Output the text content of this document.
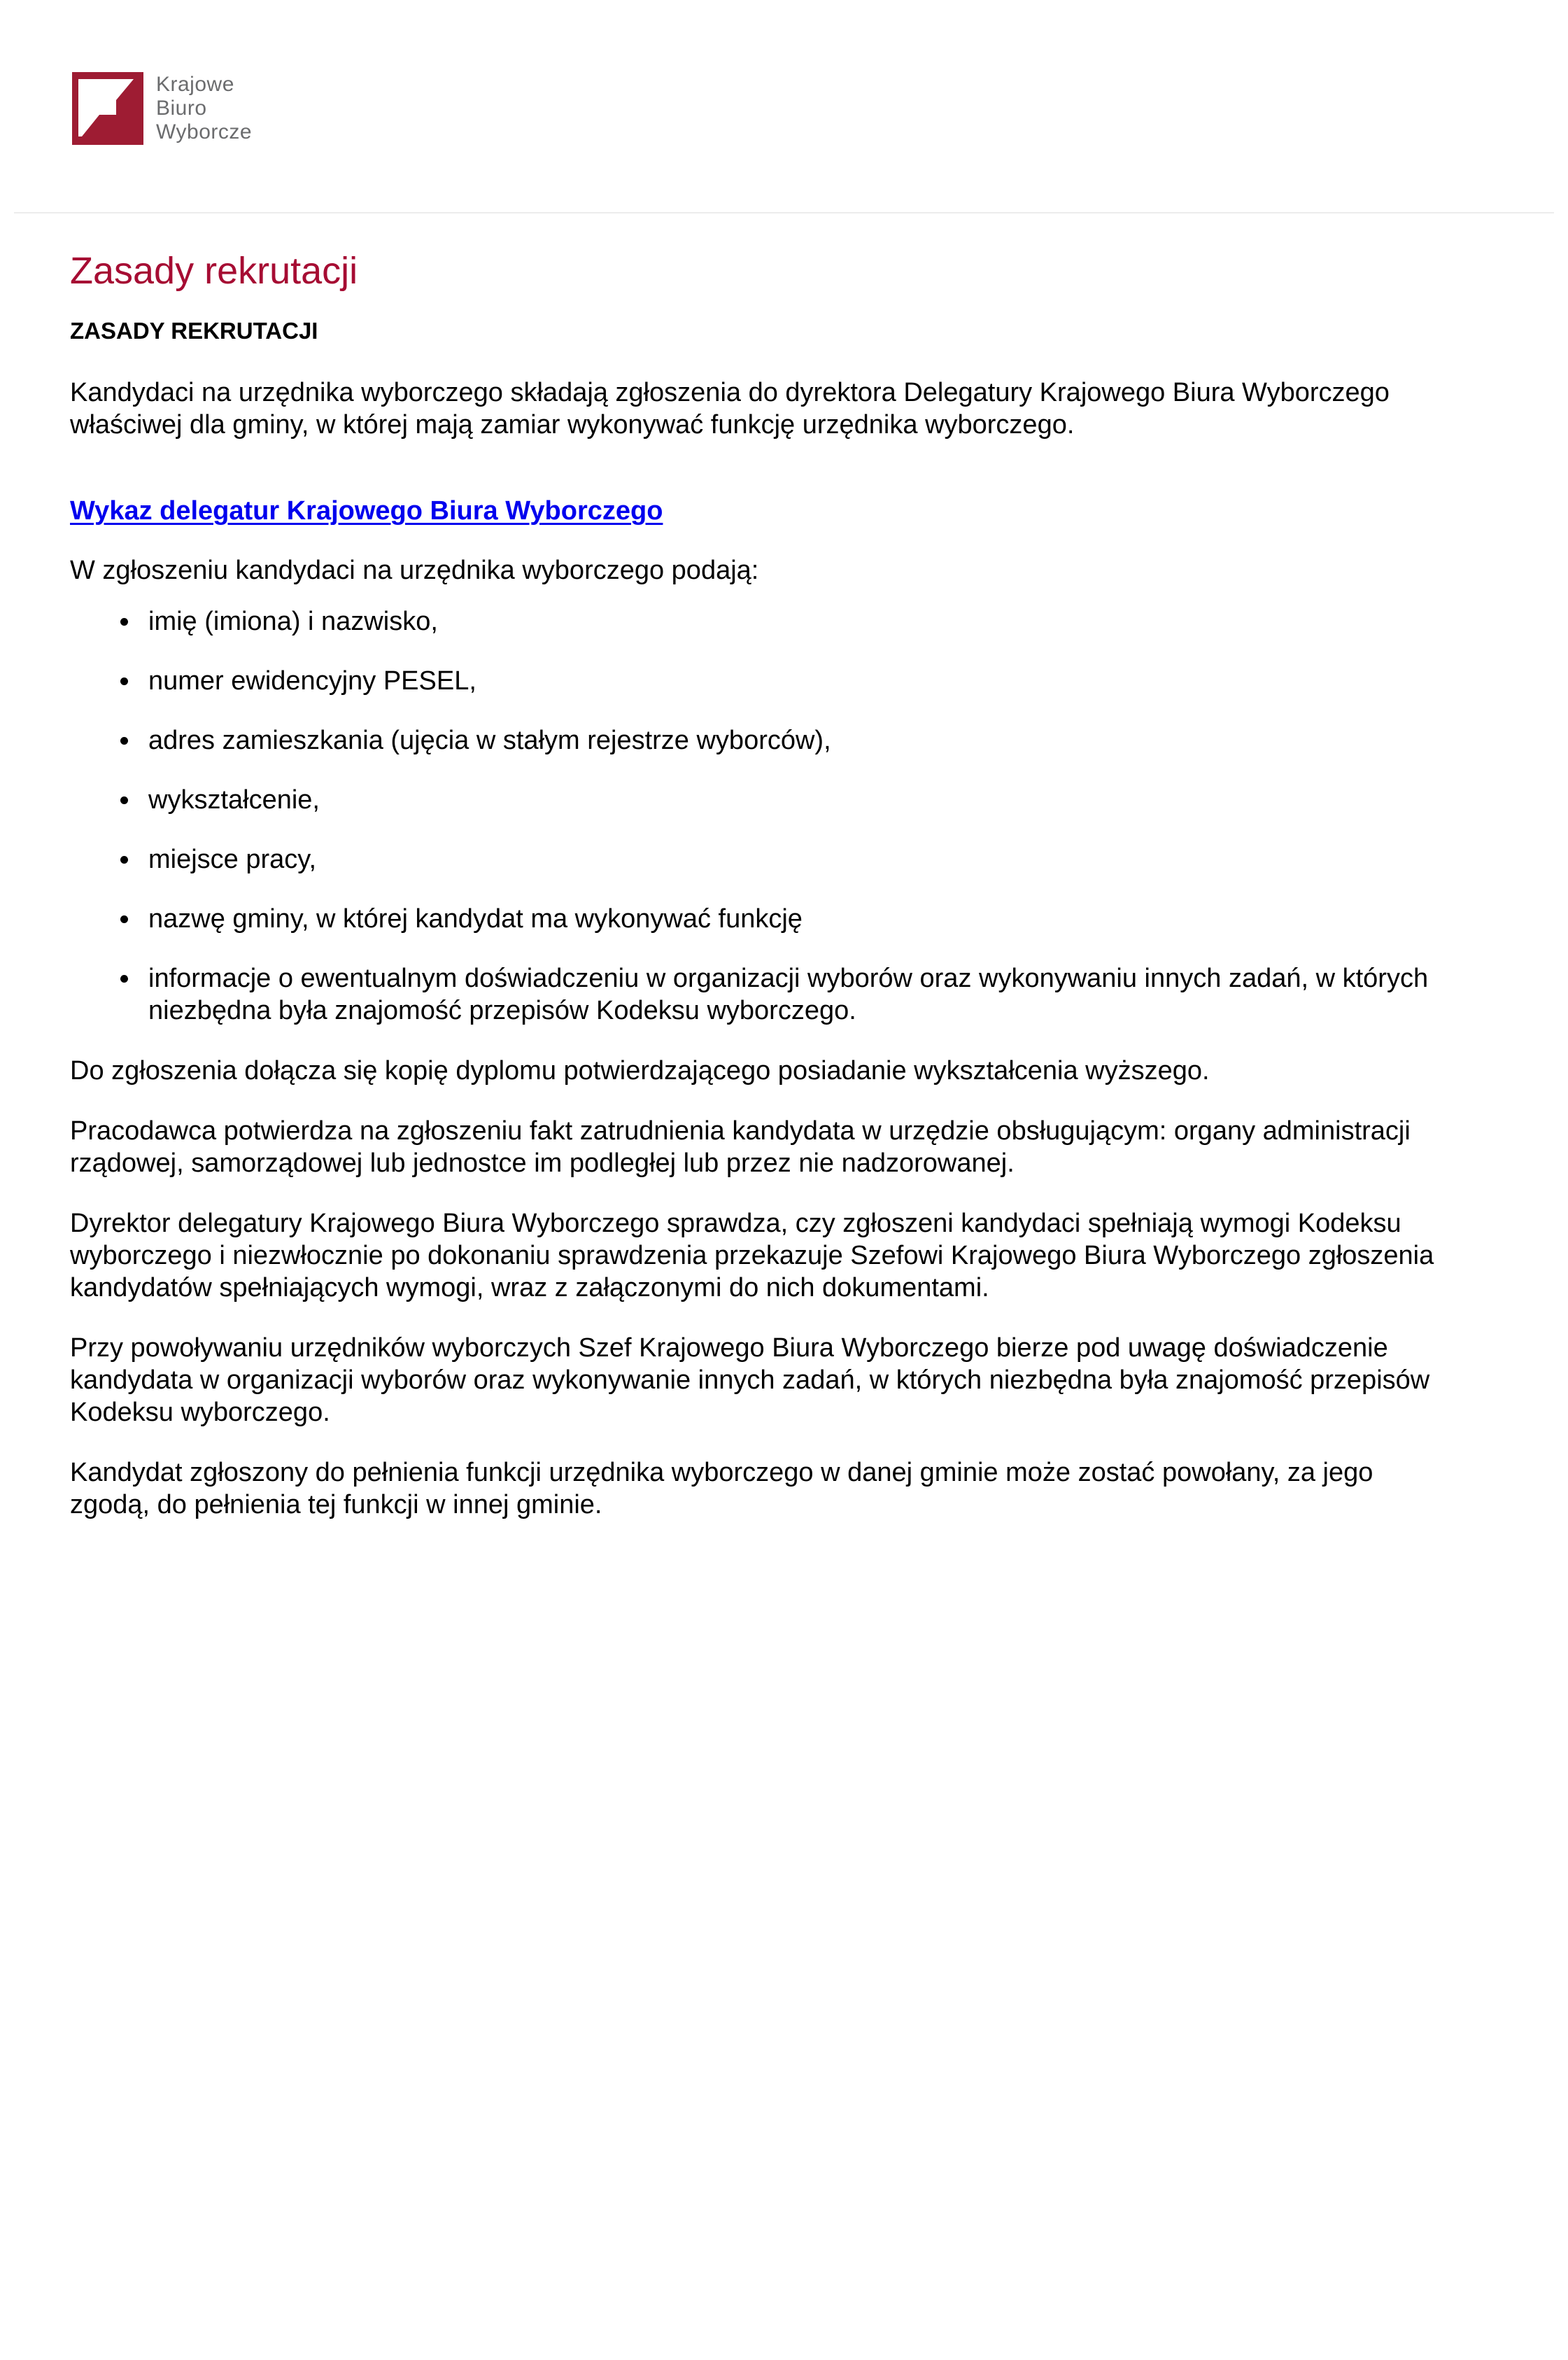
Krajowe
Biuro
Wyborcze
Zasady rekrutacji

ZASADY REKRUTACJI

Kandydaci na urzędnika wyborczego składają zgłoszenia do dyrektora Delegatury Krajowego Biura Wyborczego właściwej dla gminy, w której mają zamiar wykonywać funkcję urzędnika wyborczego.

Wykaz delegatur Krajowego Biura Wyborczego

W zgłoszeniu kandydaci na urzędnika wyborczego podają:

imię (imiona) i nazwisko,
numer ewidencyjny PESEL,
adres zamieszkania (ujęcia w stałym rejestrze wyborców),
wykształcenie,
miejsce pracy,
nazwę gminy, w której kandydat ma wykonywać funkcję
informacje o ewentualnym doświadczeniu w organizacji wyborów oraz wykonywaniu innych zadań, w których niezbędna była znajomość przepisów Kodeksu wyborczego.

Do zgłoszenia dołącza się kopię dyplomu potwierdzającego posiadanie wykształcenia wyższego.

Pracodawca potwierdza na zgłoszeniu fakt zatrudnienia kandydata w urzędzie obsługującym: organy administracji rządowej, samorządowej lub jednostce im podległej lub przez nie nadzorowanej.

Dyrektor delegatury Krajowego Biura Wyborczego sprawdza, czy zgłoszeni kandydaci spełniają wymogi Kodeksu wyborczego i niezwłocznie po dokonaniu sprawdzenia przekazuje Szefowi Krajowego Biura Wyborczego zgłoszenia kandydatów spełniających wymogi, wraz z załączonymi do nich dokumentami.

Przy powoływaniu urzędników wyborczych Szef Krajowego Biura Wyborczego bierze pod uwagę doświadczenie kandydata w organizacji wyborów oraz wykonywanie innych zadań, w których niezbędna była znajomość przepisów Kodeksu wyborczego.

Kandydat zgłoszony do pełnienia funkcji urzędnika wyborczego w danej gminie może zostać powołany, za jego zgodą, do pełnienia tej funkcji w innej gminie.
